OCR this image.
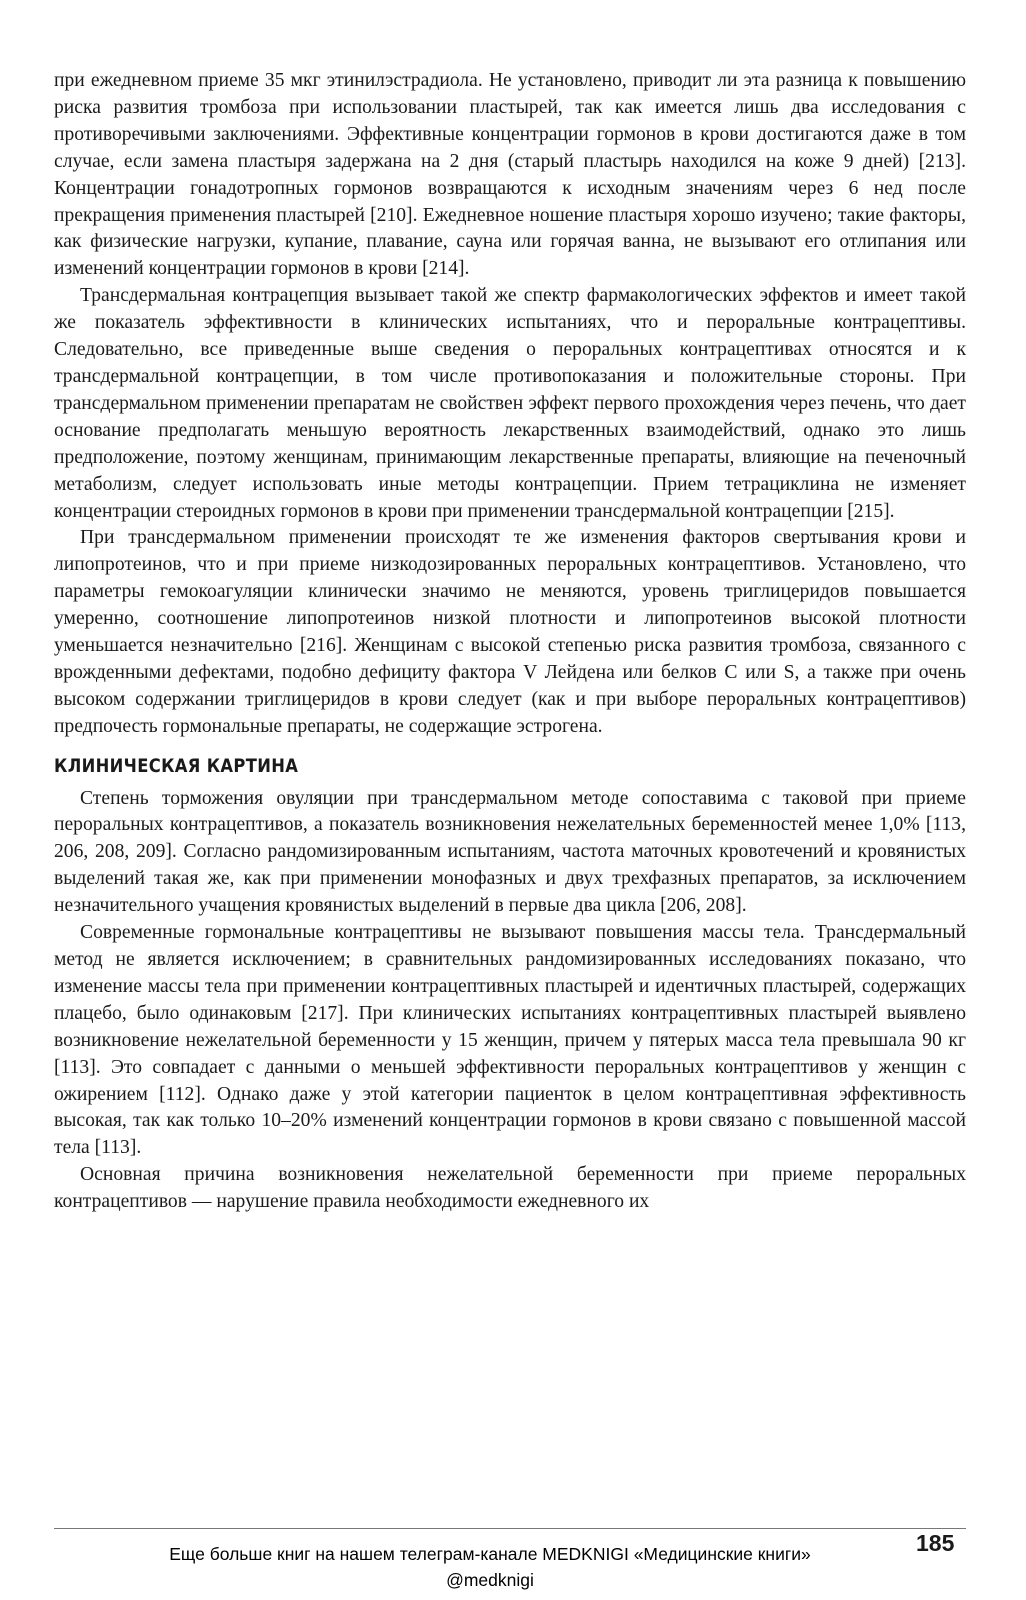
при ежедневном приеме 35 мкг этинилэстрадиола. Не установлено, приводит ли эта разница к повышению риска развития тромбоза при использовании пластырей, так как имеется лишь два исследования с противоречивыми заключениями. Эффективные концентрации гормонов в крови достигаются даже в том случае, если замена пластыря задержана на 2 дня (старый пластырь находился на коже 9 дней) [213]. Концентрации гонадотропных гормонов возвращаются к исходным значениям через 6 нед после прекращения применения пластырей [210]. Ежедневное ношение пластыря хорошо изучено; такие факторы, как физические нагрузки, купание, плавание, сауна или горячая ванна, не вызывают его отлипания или изменений концентрации гормонов в крови [214].

Трансдермальная контрацепция вызывает такой же спектр фармакологических эффектов и имеет такой же показатель эффективности в клинических испытаниях, что и пероральные контрацептивы. Следовательно, все приведенные выше сведения о пероральных контрацептивах относятся и к трансдермальной контрацепции, в том числе противопоказания и положительные стороны. При трансдермальном применении препаратам не свойствен эффект первого прохождения через печень, что дает основание предполагать меньшую вероятность лекарственных взаимодействий, однако это лишь предположение, поэтому женщинам, принимающим лекарственные препараты, влияющие на печеночный метаболизм, следует использовать иные методы контрацепции. Прием тетрациклина не изменяет концентрации стероидных гормонов в крови при применении трансдермальной контрацепции [215].

При трансдермальном применении происходят те же изменения факторов свертывания крови и липопротеинов, что и при приеме низкодозированных пероральных контрацептивов. Установлено, что параметры гемокоагуляции клинически значимо не меняются, уровень триглицеридов повышается умеренно, соотношение липопротеинов низкой плотности и липопротеинов высокой плотности уменьшается незначительно [216]. Женщинам с высокой степенью риска развития тромбоза, связанного с врожденными дефектами, подобно дефициту фактора V Лейдена или белков C или S, а также при очень высоком содержании триглицеридов в крови следует (как и при выборе пероральных контрацептивов) предпочесть гормональные препараты, не содержащие эстрогена.

КЛИНИЧЕСКАЯ КАРТИНА

Степень торможения овуляции при трансдермальном методе сопоставима с таковой при приеме пероральных контрацептивов, а показатель возникновения нежелательных беременностей менее 1,0% [113, 206, 208, 209]. Согласно рандомизированным испытаниям, частота маточных кровотечений и кровянистых выделений такая же, как при применении монофазных и двух трехфазных препаратов, за исключением незначительного учащения кровянистых выделений в первые два цикла [206, 208].

Современные гормональные контрацептивы не вызывают повышения массы тела. Трансдермальный метод не является исключением; в сравнительных рандомизированных исследованиях показано, что изменение массы тела при применении контрацептивных пластырей и идентичных пластырей, содержащих плацебо, было одинаковым [217]. При клинических испытаниях контрацептивных пластырей выявлено возникновение нежелательной беременности у 15 женщин, причем у пятерых масса тела превышала 90 кг [113]. Это совпадает с данными о меньшей эффективности пероральных контрацептивов у женщин с ожирением [112]. Однако даже у этой категории пациенток в целом контрацептивная эффективность высокая, так как только 10–20% изменений концентрации гормонов в крови связано с повышенной массой тела [113].

Основная причина возникновения нежелательной беременности при приеме пероральных контрацептивов — нарушение правила необходимости ежедневного их

Еще больше книг на нашем телеграм-канале MEDKNIGI «Медицинские книги»
@medknigi
185
